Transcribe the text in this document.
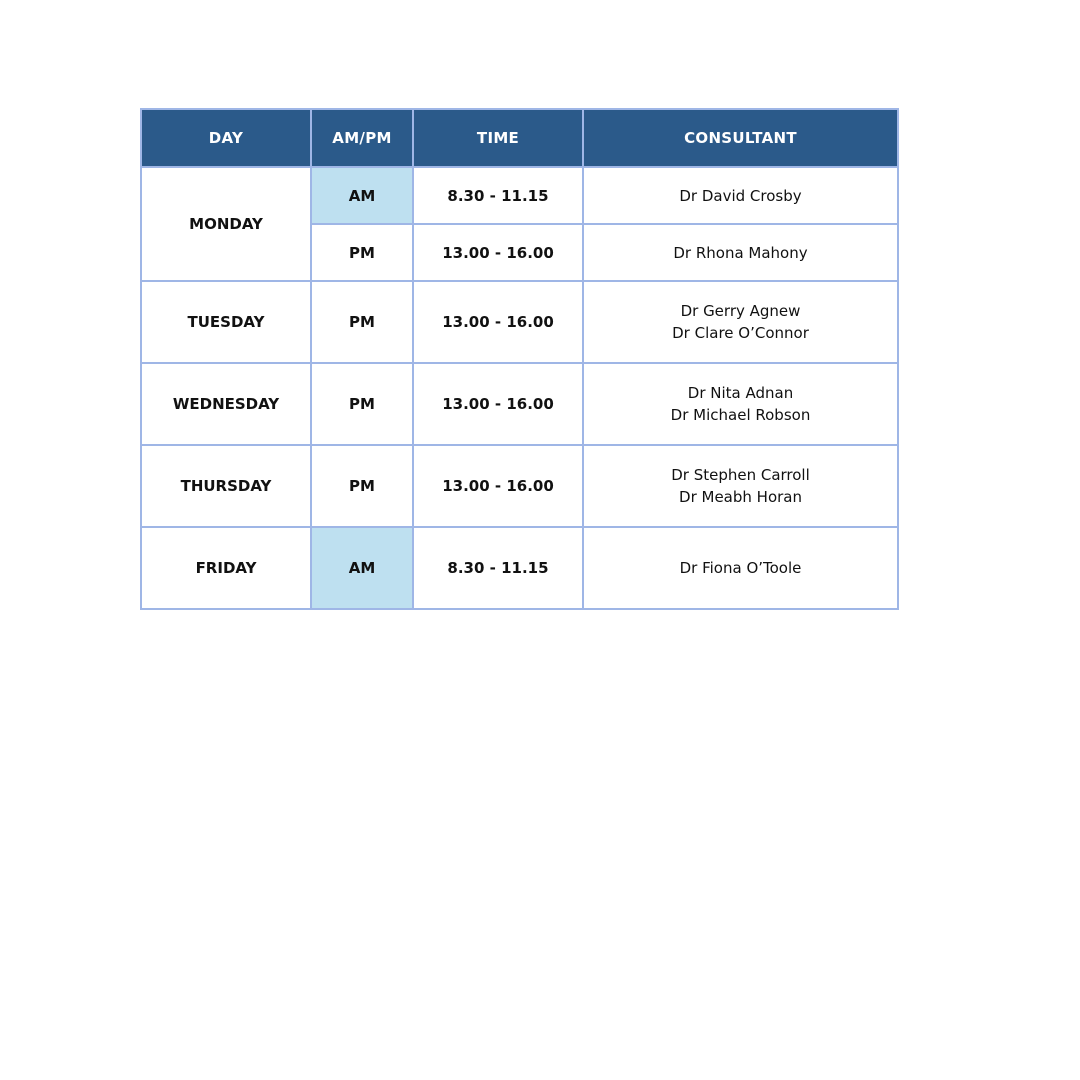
DAY	AM/PM	TIME	CONSULTANT
MONDAY	AM	8.30 - 11.15	Dr David Crosby

	PM	13.00 - 16.00	Dr Rhona Mahony

TUESDAY	PM	13.00 - 16.00	Dr Gerry Agnew
Dr Clare O’Connor

WEDNESDAY	PM	13.00 - 16.00	Dr Nita Adnan
Dr Michael Robson

THURSDAY	PM	13.00 - 16.00	Dr Stephen Carroll
Dr Meabh Horan

FRIDAY	AM	8.30 - 11.15	Dr Fiona O’Toole
